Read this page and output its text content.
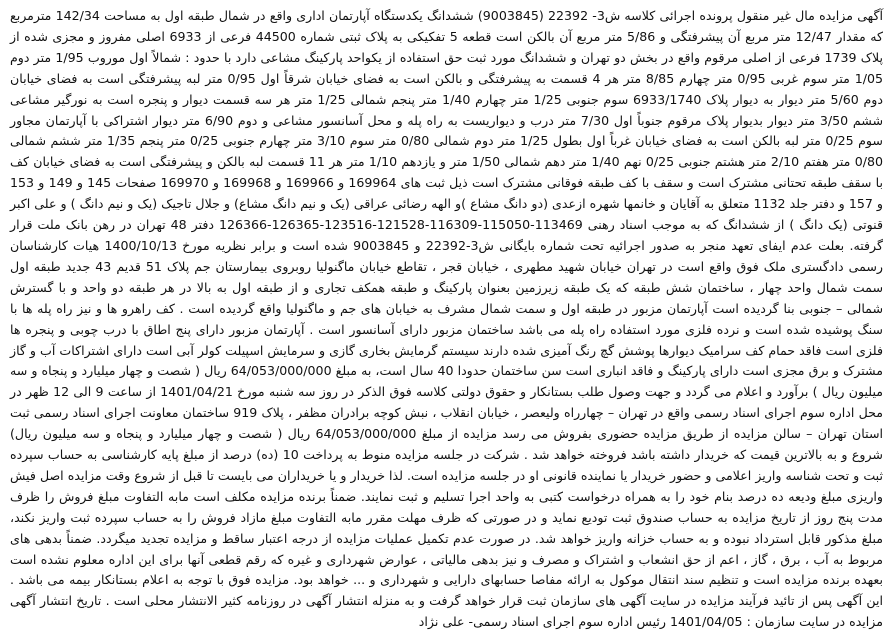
آگهی مزایده مال غیر منقول پرونده اجرائی کلاسه ش3- 22392 (9003845) ششدانگ یکدستگاه آپارتمان اداری واقع در شمال طبقه اول به مساحت 142/34 مترمربع که مقدار 12/47 متر مربع آن پیشرفتگی و 5/86 متر مربع آن بالکن است قطعه 5 تفکیکی به پلاک ثبتی شماره 44500 فرعی از 6933 اصلی مفروز و مجزی شده از پلاک 1739 فرعی از اصلی مرقوم واقع در بخش دو تهران و ششدانگ مورد ثبت حق استفاده از یکواحد پارکینگ مشاعی دارد با حدود : شمالاً اول موروب 1/95 متر دوم 1/05 متر سوم غربی 0/95 متر چهارم 8/85 متر هر 4 قسمت به پیشرفتگی و بالکن است به فضای خیابان شرقاً اول 0/95 متر لبه پیشرفتگی است به فضای خیابان دوم 5/60 متر دیوار به دیوار پلاک 6933/1740 سوم جنوبی 1/25 متر چهارم 1/40 متر پنجم شمالی 1/25 متر هر سه قسمت دیوار و پنجره است به نورگیر مشاعی ششم 3/50 متر دیوار بدیوار پلاک مرقوم جنوباً اول 7/30 متر درب و دیواریست به راه پله و محل آسانسور مشاعی و دوم 6/90 متر دیوار اشتراکی با آپارتمان مجاور سوم 0/25 متر لبه بالکن است به فضای خیابان غرباً اول بطول 1/25 متر دوم شمالی 0/80 متر سوم 3/10 متر چهارم جنوبی 0/25 متر پنجم 1/35 متر ششم شمالی 0/80 متر هفتم 2/10 متر هشتم جنوبی 0/25 نهم 1/40 متر دهم شمالی 1/50 متر و یازدهم 1/10 متر هر 11 قسمت لبه بالکن و پیشرفتگی است به فضای خیابان کف با سقف طبقه تحتانی مشترک است و سقف با کف طبقه فوقانی مشترک است ذیل ثبت های 169964 و 169966 و 169968 و 169970 صفحات 145 و 149 و 153 و 157 و دفتر جلد 1132 متعلق به آقایان و خانمها شهره ازعدی (دو دانگ مشاع )و الهه رضائی عراقی (یک و نیم دانگ مشاع) و جلال تاجیک (یک و نیم دانگ ) و علی اکبر قنوتی (یک دانگ ) از ششدانگ که به موجب اسناد رهنی 113469-115050-116309-121528-123516-126365-126366 دفتر 48 تهران در رهن بانک ملت قرار گرفته. بعلت عدم ایفای تعهد منجر به صدور اجرائیه تحت شماره بایگانی ش3-22392 و 9003845 شده است و برابر نظریه مورخ 1400/10/13 هیات کارشناسان رسمی دادگستری ملک فوق واقع است در تهران خیابان شهید مطهری ، خیابان قجر ، تقاطع خیابان ماگنولیا روبروی بیمارستان جم پلاک 51 قدیم 43 جدید طبقه اول سمت شمال واحد چهار ، ساختمان شش طبقه که یک طبقه زیرزمین بعنوان پارکینگ و طبقه همکف تجاری و از طبقه اول به بالا در هر طبقه دو واحد و با گسترش شمالی – جنوبی بنا گردیده است آپارتمان مزبور در طبقه اول و سمت شمال مشرف به خیابان های جم و ماگنولیا واقع گردیده است . کف راهرو ها و نیز راه پله ها با سنگ پوشیده شده است و نرده فلزی مورد استفاده راه پله می باشد ساختمان مزبور دارای آسانسور است . آپارتمان مزبور دارای پنج اطاق با درب چوبی و پنجره ها فلزی است فاقد حمام کف سرامیک دیوارها پوشش گچ رنگ آمیزی شده دارند سیستم گرمایش بخاری گازی و سرمایش اسپیلت کولر آبی است دارای اشتراکات آب و گاز مشترک و برق مجزی است دارای پارکینگ و فاقد انباری است سن ساختمان حدودا 40 سال است، به مبلغ 64/053/000/000 ریال ( شصت و چهار میلیارد و پنجاه و سه میلیون ریال ) برآورد و اعلام می گردد و جهت وصول طلب بستانکار و حقوق دولتی کلاسه فوق الذکر در روز سه شنبه مورخ 1401/04/21 از ساعت 9 الی 12 ظهر در محل اداره سوم اجرای اسناد رسمی واقع در تهران – چهارراه ولیعصر ، خیابان انقلاب ، نبش کوچه برادران مظفر ، پلاک 919 ساختمان معاونت اجرای اسناد رسمی ثبت استان تهران – سالن مزایده از طریق مزایده حضوری بفروش می رسد مزایده از مبلغ 64/053/000/000 ریال ( شصت و چهار میلیارد و پنجاه و سه میلیون ریال) شروع و به بالاترین قیمت که خریدار داشته باشد فروخته خواهد شد . شرکت در جلسه مزایده منوط به پرداخت 10 (ده) درصد از مبلغ پایه کارشناسی به حساب سپرده ثبت و تحت شناسه واریز اعلامی و حضور خریدار یا نماینده قانونی او در جلسه مزایده است. لذا خریدار و یا خریداران می بایست تا قبل از شروع وقت مزایده اصل فیش واریزی مبلغ ودیعه ده درصد بنام خود را به همراه درخواست کتبی به واحد اجرا تسلیم و ثبت نمایند. ضمناً برنده مزایده مکلف است مابه التفاوت مبلغ فروش را ظرف مدت پنج روز از تاریخ مزایده به حساب صندوق ثبت تودیع نماید و در صورتی که ظرف مهلت مقرر مابه التفاوت مبلغ مازاد فروش را به حساب سپرده ثبت واریز نکند، مبلغ مذکور قابل استرداد نبوده و به حساب خزانه واریز خواهد شد. در صورت عدم تکمیل عملیات مزایده از درجه اعتبار ساقط و مزایده تجدید میگردد. ضمناً بدهی های مربوط به آب ، برق ، گاز ، اعم از حق انشعاب و اشتراک و مصرف و نیز بدهی مالیاتی ، عوارض شهرداری و غیره که رقم قطعی آنها برای این اداره معلوم نشده است بعهده برنده مزایده است و تنظیم سند انتقال موکول به ارائه مفاصا حسابهای دارایی و شهرداری و ... خواهد بود. مزایده فوق با توجه به اعلام بستانکار بیمه می باشد . این آگهی پس از تائید فرآیند مزایده در سایت آگهی های سازمان ثبت قرار خواهد گرفت و به منزله انتشار آگهی در روزنامه کثیر الانتشار محلی است . تاریخ انتشار آگهی مزایده در سایت سازمان : 1401/04/05 رئیس اداره سوم اجرای اسناد رسمی- علی نژاد
